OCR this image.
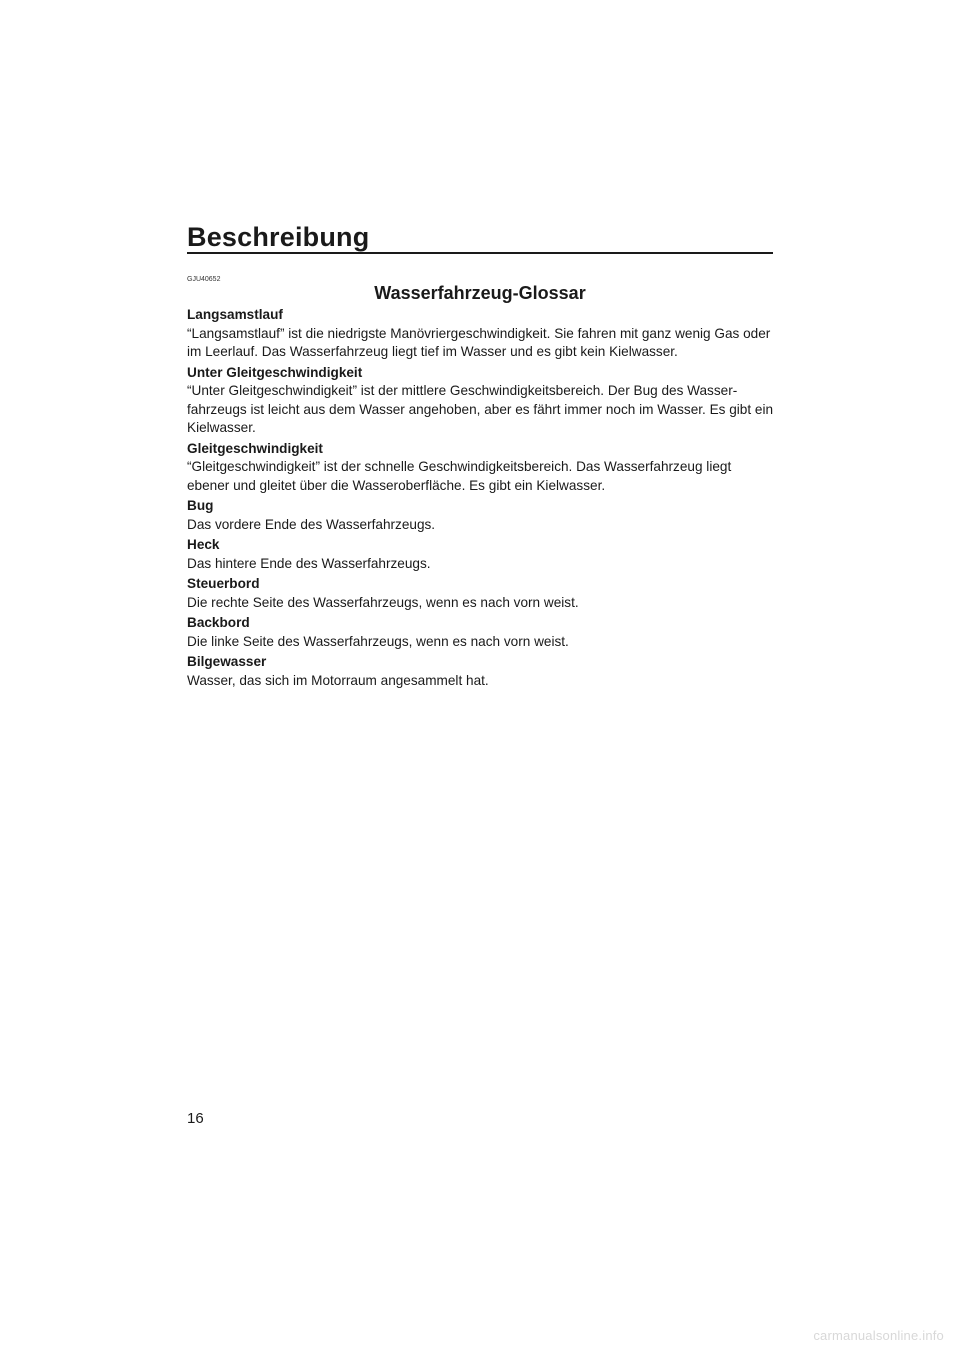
Beschreibung
GJU40652
Wasserfahrzeug-Glossar

Langsamstlauf

“Langsamstlauf” ist die niedrigste Manövriergeschwindigkeit. Sie fahren mit ganz wenig Gas oder im Leerlauf. Das Wasserfahrzeug liegt tief im Wasser und es gibt kein Kielwasser.

Unter Gleitgeschwindigkeit

“Unter Gleitgeschwindigkeit” ist der mittlere Geschwindigkeitsbereich. Der Bug des Wasser-fahrzeugs ist leicht aus dem Wasser angehoben, aber es fährt immer noch im Wasser. Es gibt ein Kielwasser.

Gleitgeschwindigkeit

“Gleitgeschwindigkeit” ist der schnelle Geschwindigkeitsbereich. Das Wasserfahrzeug liegt ebener und gleitet über die Wasseroberfläche. Es gibt ein Kielwasser.

Bug

Das vordere Ende des Wasserfahrzeugs.

Heck

Das hintere Ende des Wasserfahrzeugs.

Steuerbord

Die rechte Seite des Wasserfahrzeugs, wenn es nach vorn weist.

Backbord

Die linke Seite des Wasserfahrzeugs, wenn es nach vorn weist.

Bilgewasser

Wasser, das sich im Motorraum angesammelt hat.

16
carmanualsonline.info
